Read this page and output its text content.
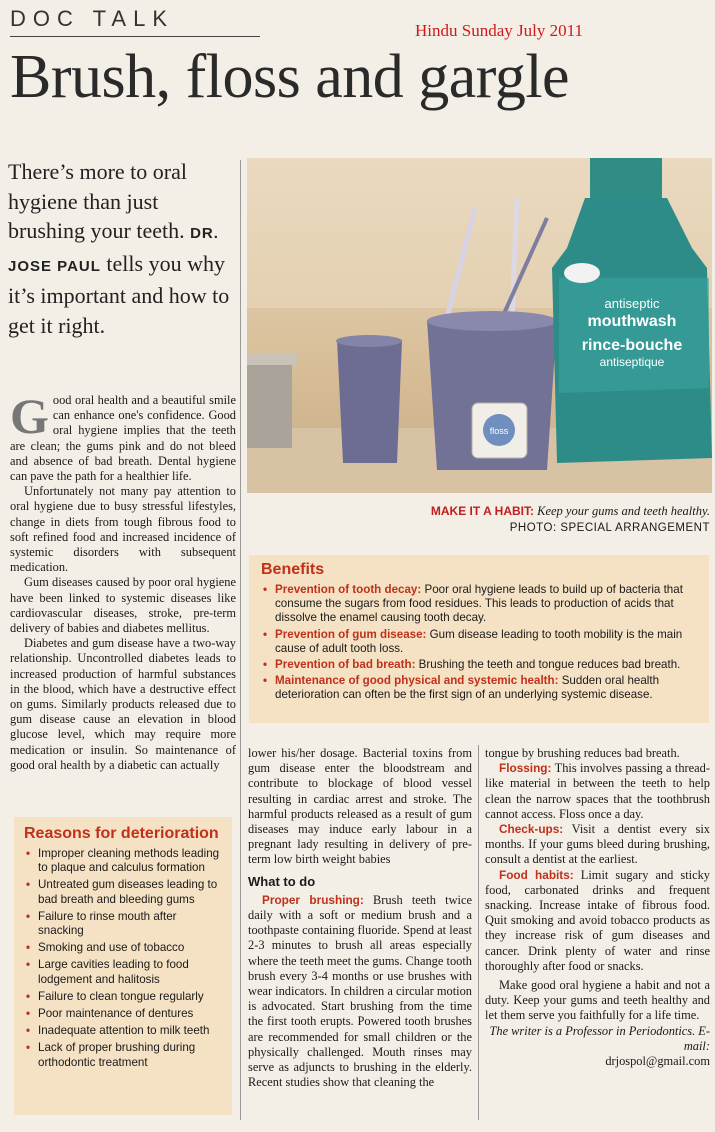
DOC TALK	Hindu Sunday July 2011
Brush, floss and gargle
There’s more to oral hygiene than just brushing your teeth. DR. JOSE PAUL tells you why it’s important and how to get it right.

Good oral health and a beautiful smile can enhance one's confidence. Good oral hygiene implies that the teeth are clean; the gums pink and do not bleed and absence of bad breath. Dental hygiene can pave the path for a healthier life.

Unfortunately not many pay attention to oral hygiene due to busy stressful lifestyles, change in diets from tough fibrous food to soft refined food and increased incidence of systemic disorders with subsequent medication.

Gum diseases caused by poor oral hygiene have been linked to systemic diseases like cardiovascular diseases, stroke, pre-term delivery of babies and diabetes mellitus.

Diabetes and gum disease have a two-way relationship. Uncontrolled diabetes leads to increased production of harmful substances in the blood, which have a destructive effect on gums. Similarly products released due to gum disease cause an elevation in blood glucose level, which may require more medication or insulin. So maintenance of good oral health by a diabetic can actually

floss
antiseptic
mouthwash
rince-bouche
antiseptique
MAKE IT A HABIT: Keep your gums and teeth healthy.
PHOTO: SPECIAL ARRANGEMENT
Benefits
• Prevention of tooth decay: Poor oral hygiene leads to build up of bacteria that consume the sugars from food residues. This leads to production of acids that dissolve the enamel causing tooth decay.
• Prevention of gum disease: Gum disease leading to tooth mobility is the main cause of adult tooth loss.
• Prevention of bad breath: Brushing the teeth and tongue reduces bad breath.
• Maintenance of good physical and systemic health: Sudden oral health deterioration can often be the first sign of an underlying systemic disease.
Reasons for deterioration
• Improper cleaning methods leading to plaque and calculus formation
• Untreated gum diseases leading to bad breath and bleeding gums
• Failure to rinse mouth after snacking
• Smoking and use of tobacco
• Large cavities leading to food lodgement and halitosis
• Failure to clean tongue regularly
• Poor maintenance of dentures
• Inadequate attention to milk teeth
• Lack of proper brushing during orthodontic treatment

lower his/her dosage. Bacterial toxins from gum disease enter the bloodstream and contribute to blockage of blood vessel resulting in cardiac arrest and stroke. The harmful products released as a result of gum diseases may induce early labour in a pregnant lady resulting in delivery of pre-term low birth weight babies

What to do

Proper brushing: Brush teeth twice daily with a soft or medium brush and a toothpaste containing fluoride. Spend at least 2-3 minutes to brush all areas especially where the teeth meet the gums. Change tooth brush every 3-4 months or use brushes with wear indicators. In children a circular motion is advocated. Start brushing from the time the first tooth erupts. Powered tooth brushes are recommended for small children or the physically challenged. Mouth rinses may serve as adjuncts to brushing in the elderly. Recent studies show that cleaning the

tongue by brushing reduces bad breath.

Flossing: This involves passing a thread-like material in between the teeth to help clean the narrow spaces that the toothbrush cannot access. Floss once a day.

Check-ups: Visit a dentist every six months. If your gums bleed during brushing, consult a dentist at the earliest.

Food habits: Limit sugary and sticky food, carbonated drinks and frequent snacking. Increase intake of fibrous food. Quit smoking and avoid tobacco products as they increase risk of gum diseases and cancer. Drink plenty of water and rinse thoroughly after food or snacks.

Make good oral hygiene a habit and not a duty. Keep your gums and teeth healthy and let them serve you faithfully for a life time.

The writer is a Professor in Periodontics. E-mail:

drjospol@gmail.com
